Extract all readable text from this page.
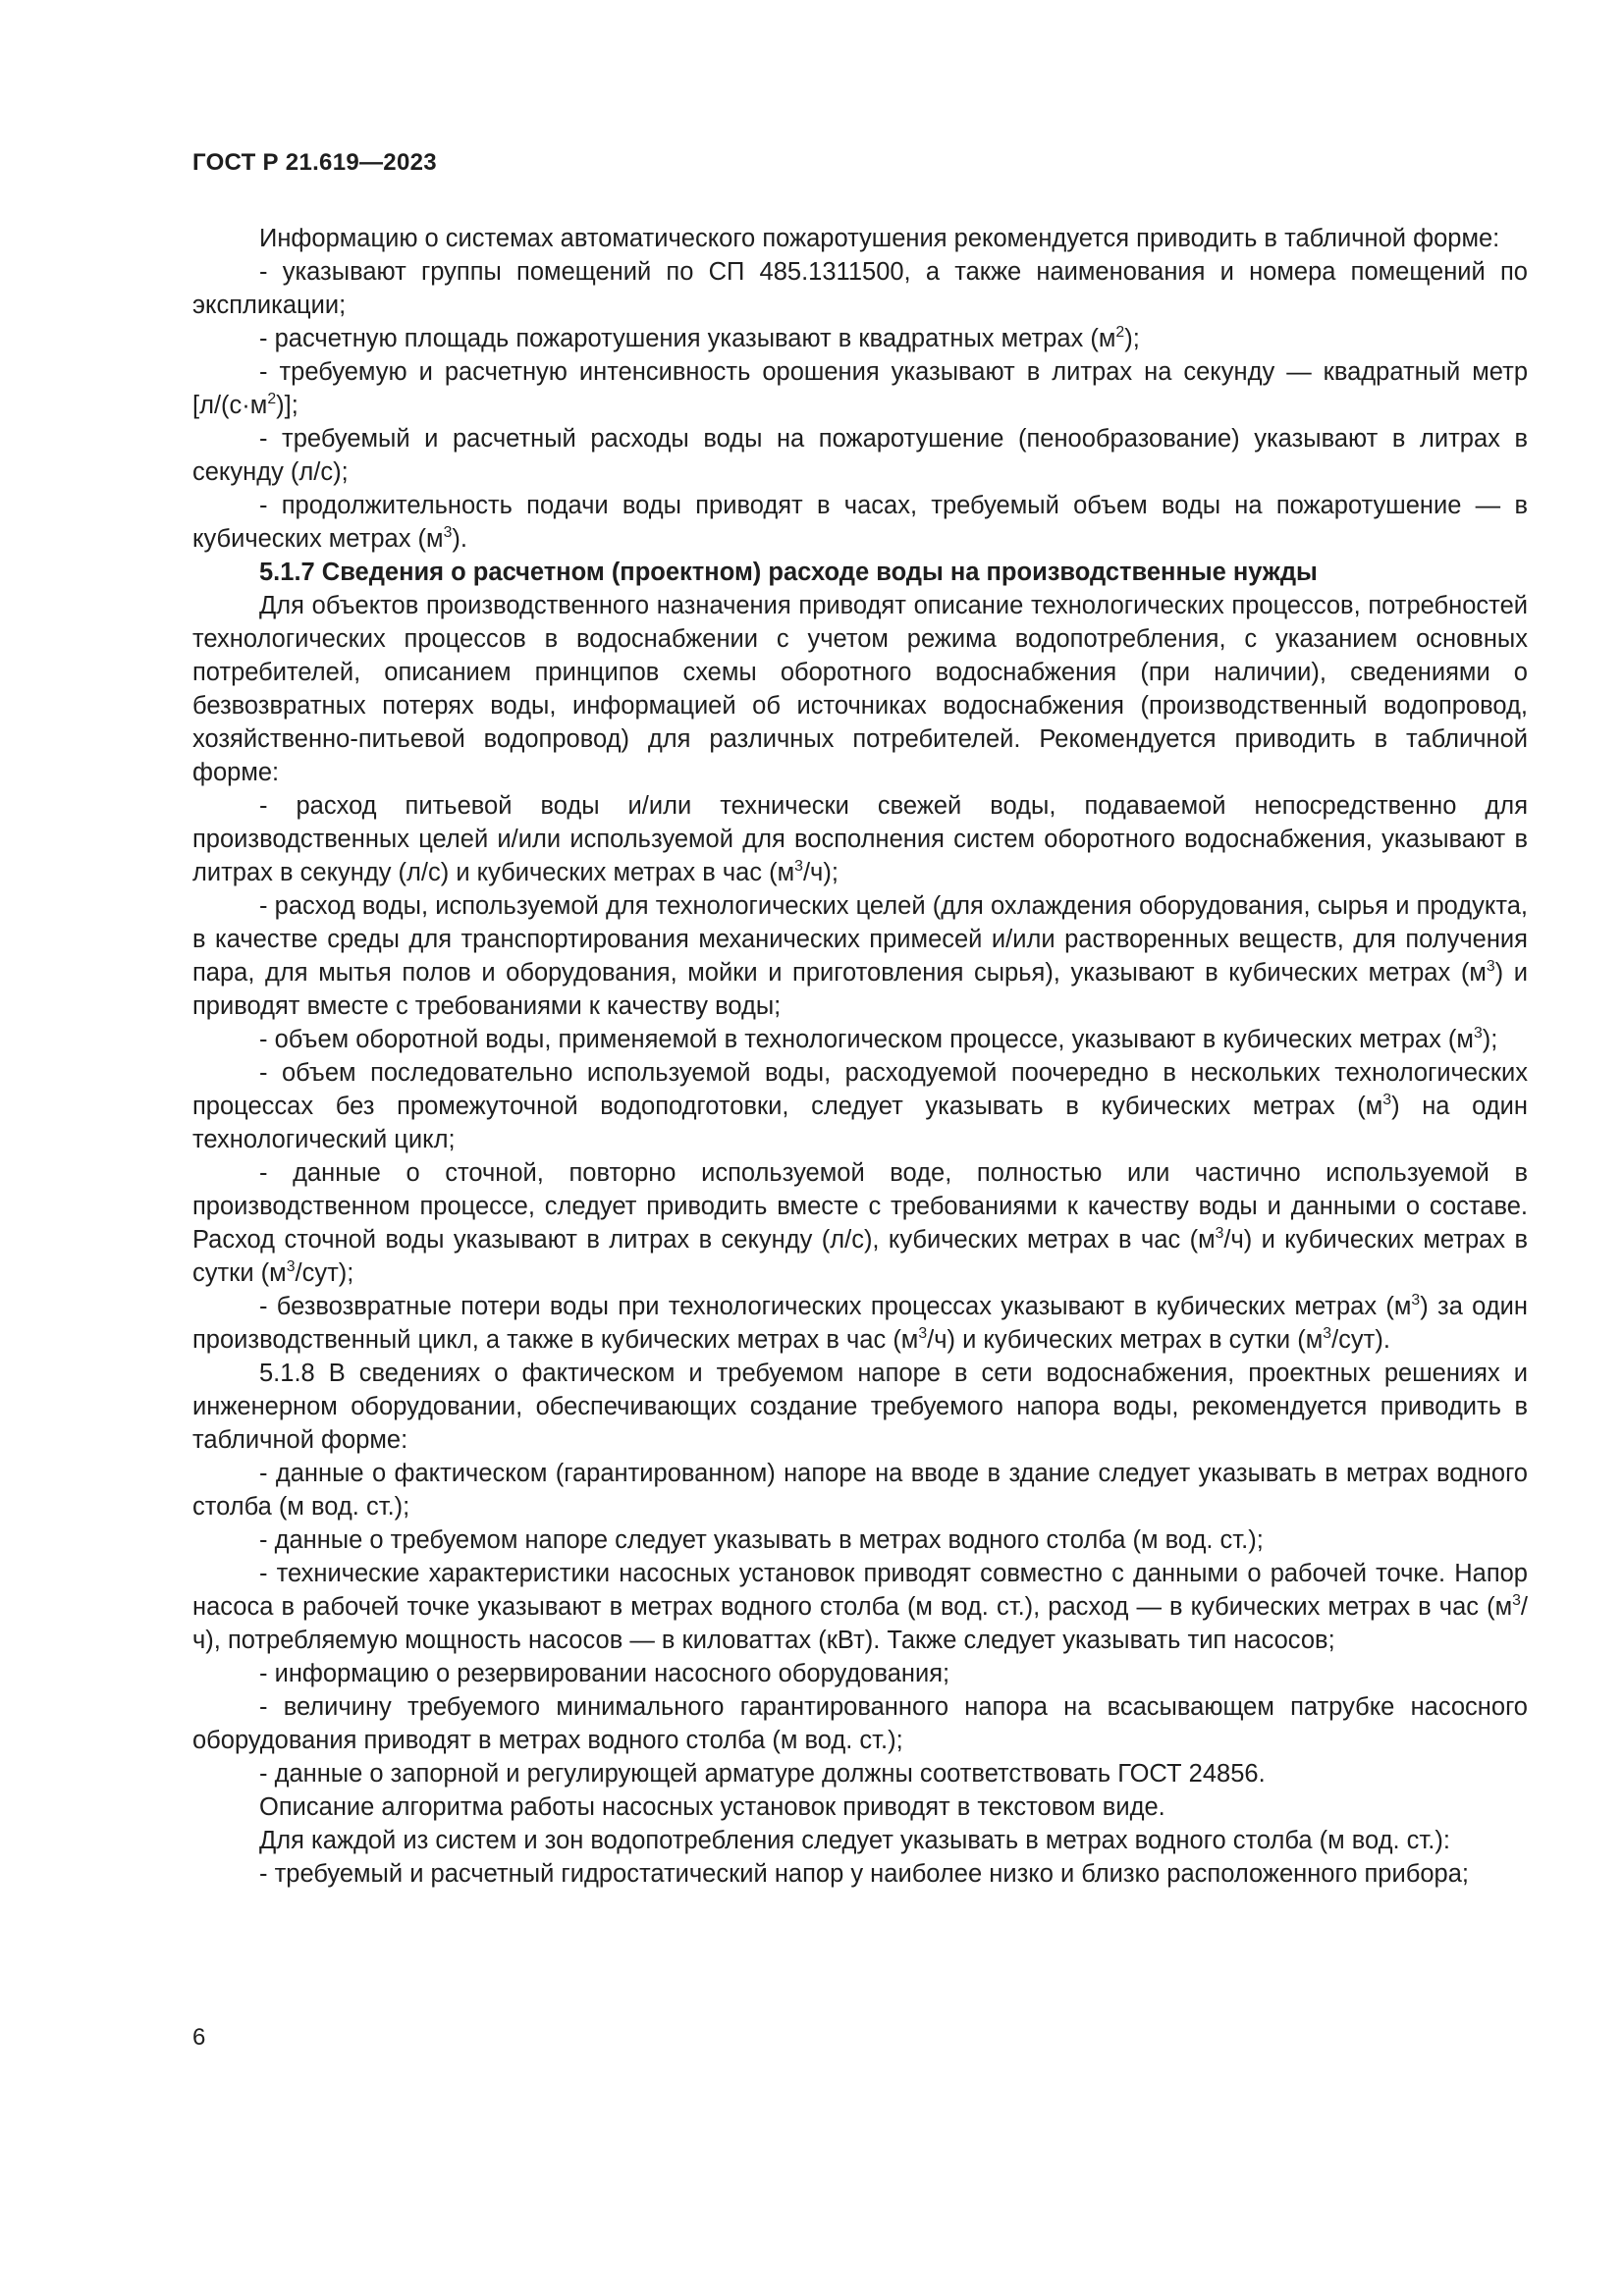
ГОСТ Р 21.619—2023

Информацию о системах автоматического пожаротушения рекомендуется приводить в табличной форме:

- указывают группы помещений по СП 485.1311500, а также наименования и номера помещений по экспликации;

- расчетную площадь пожаротушения указывают в квадратных метрах $(м^2)$;

- требуемую и расчетную интенсивность орошения указывают в литрах на секунду — квадратный метр $[л/(с\cdot м^2)]$;

- требуемый и расчетный расходы воды на пожаротушение (пенообразование) указывают в литрах в секунду (л/с);

- продолжительность подачи воды приводят в часах, требуемый объем воды на пожаротушение — в кубических метрах $(м^3)$.

5.1.7 Сведения о расчетном (проектном) расходе воды на производственные нужды

Для объектов производственного назначения приводят описание технологических процессов, потребностей технологических процессов в водоснабжении с учетом режима водопотребления, с указанием основных потребителей, описанием принципов схемы оборотного водоснабжения (при наличии), сведениями о безвозвратных потерях воды, информацией об источниках водоснабжения (производственный водопровод, хозяйственно-питьевой водопровод) для различных потребителей. Рекомендуется приводить в табличной форме:

- расход питьевой воды и/или технически свежей воды, подаваемой непосредственно для производственных целей и/или используемой для восполнения систем оборотного водоснабжения, указывают в литрах в секунду (л/с) и кубических метрах в час $(м^3/ч)$;

- расход воды, используемой для технологических целей (для охлаждения оборудования, сырья и продукта, в качестве среды для транспортирования механических примесей и/или растворенных веществ, для получения пара, для мытья полов и оборудования, мойки и приготовления сырья), указывают в кубических метрах $(м^3)$ и приводят вместе с требованиями к качеству воды;

- объем оборотной воды, применяемой в технологическом процессе, указывают в кубических метрах $(м^3)$;

- объем последовательно используемой воды, расходуемой поочередно в нескольких технологических процессах без промежуточной водоподготовки, следует указывать в кубических метрах $(м^3)$ на один технологический цикл;

- данные о сточной, повторно используемой воде, полностью или частично используемой в производственном процессе, следует приводить вместе с требованиями к качеству воды и данными о составе. Расход сточной воды указывают в литрах в секунду (л/с), кубических метрах в час $(м^3/ч)$ и кубических метрах в сутки $(м^3/сут)$;

- безвозвратные потери воды при технологических процессах указывают в кубических метрах $(м^3)$ за один производственный цикл, а также в кубических метрах в час $(м^3/ч)$ и кубических метрах в сутки $(м^3/сут)$.

5.1.8 В сведениях о фактическом и требуемом напоре в сети водоснабжения, проектных решениях и инженерном оборудовании, обеспечивающих создание требуемого напора воды, рекомендуется приводить в табличной форме:

- данные о фактическом (гарантированном) напоре на вводе в здание следует указывать в метрах водного столба (м вод. ст.);

- данные о требуемом напоре следует указывать в метрах водного столба (м вод. ст.);

- технические характеристики насосных установок приводят совместно с данными о рабочей точке. Напор насоса в рабочей точке указывают в метрах водного столба (м вод. ст.), расход — в кубических метрах в час $(м^3/ч)$, потребляемую мощность насосов — в киловаттах (кВт). Также следует указывать тип насосов;

- информацию о резервировании насосного оборудования;

- величину требуемого минимального гарантированного напора на всасывающем патрубке насосного оборудования приводят в метрах водного столба (м вод. ст.);

- данные о запорной и регулирующей арматуре должны соответствовать ГОСТ 24856.

Описание алгоритма работы насосных установок приводят в текстовом виде.

Для каждой из систем и зон водопотребления следует указывать в метрах водного столба (м вод. ст.):

- требуемый и расчетный гидростатический напор у наиболее низко и близко расположенного прибора;

6
